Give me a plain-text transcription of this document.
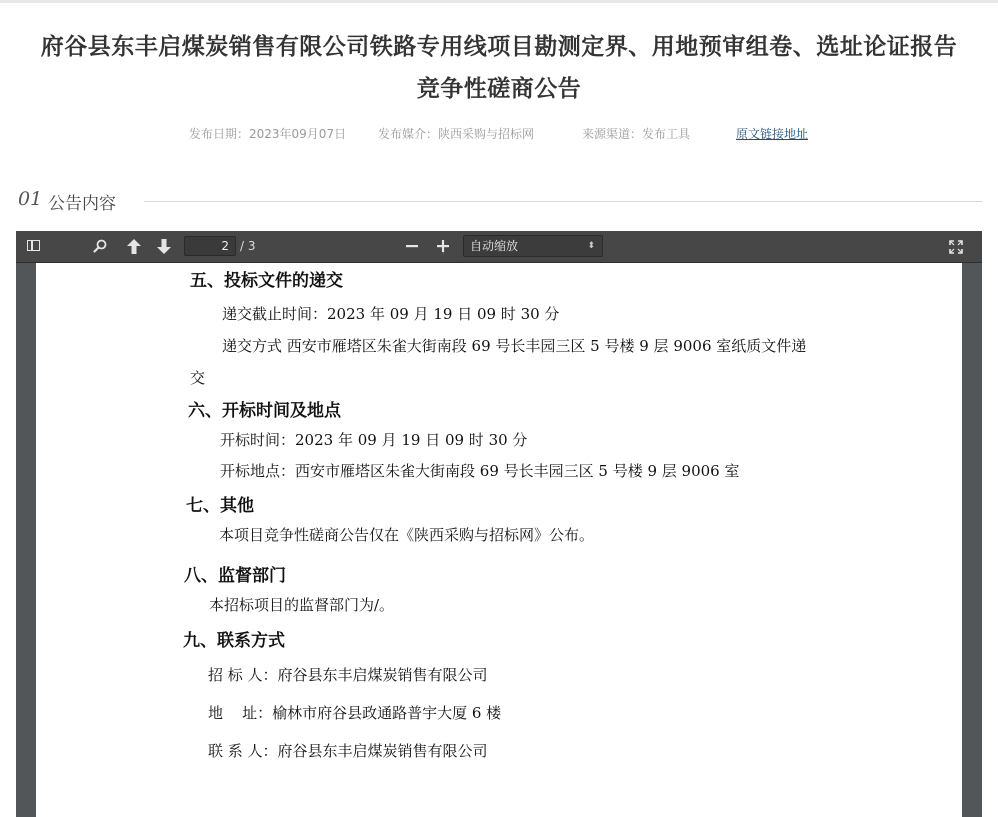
府谷县东丰启煤炭销售有限公司铁路专用线项目勘测定界、用地预审组卷、选址论证报告
竞争性磋商公告
发布日期：2023年09月07日	发布媒介：陕西采购与招标网	来源渠道：发布工具	原文链接地址
01 公告内容
2 / 3	自动缩放	⬍
五、投标文件的递交
递交截止时间：2023 年 09 月 19 日 09 时 30 分
递交方式 西安市雁塔区朱雀大街南段 69 号长丰园三区 5 号楼 9 层 9006 室纸质文件递
交
六、开标时间及地点
开标时间：2023 年 09 月 19 日 09 时 30 分
开标地点：西安市雁塔区朱雀大街南段 69 号长丰园三区 5 号楼 9 层 9006 室
七、其他
本项目竞争性磋商公告仅在《陕西采购与招标网》公布。
八、监督部门
本招标项目的监督部门为/。
九、联系方式
招 标 人：府谷县东丰启煤炭销售有限公司
地    址：榆林市府谷县政通路普宇大厦 6 楼
联 系 人：府谷县东丰启煤炭销售有限公司
